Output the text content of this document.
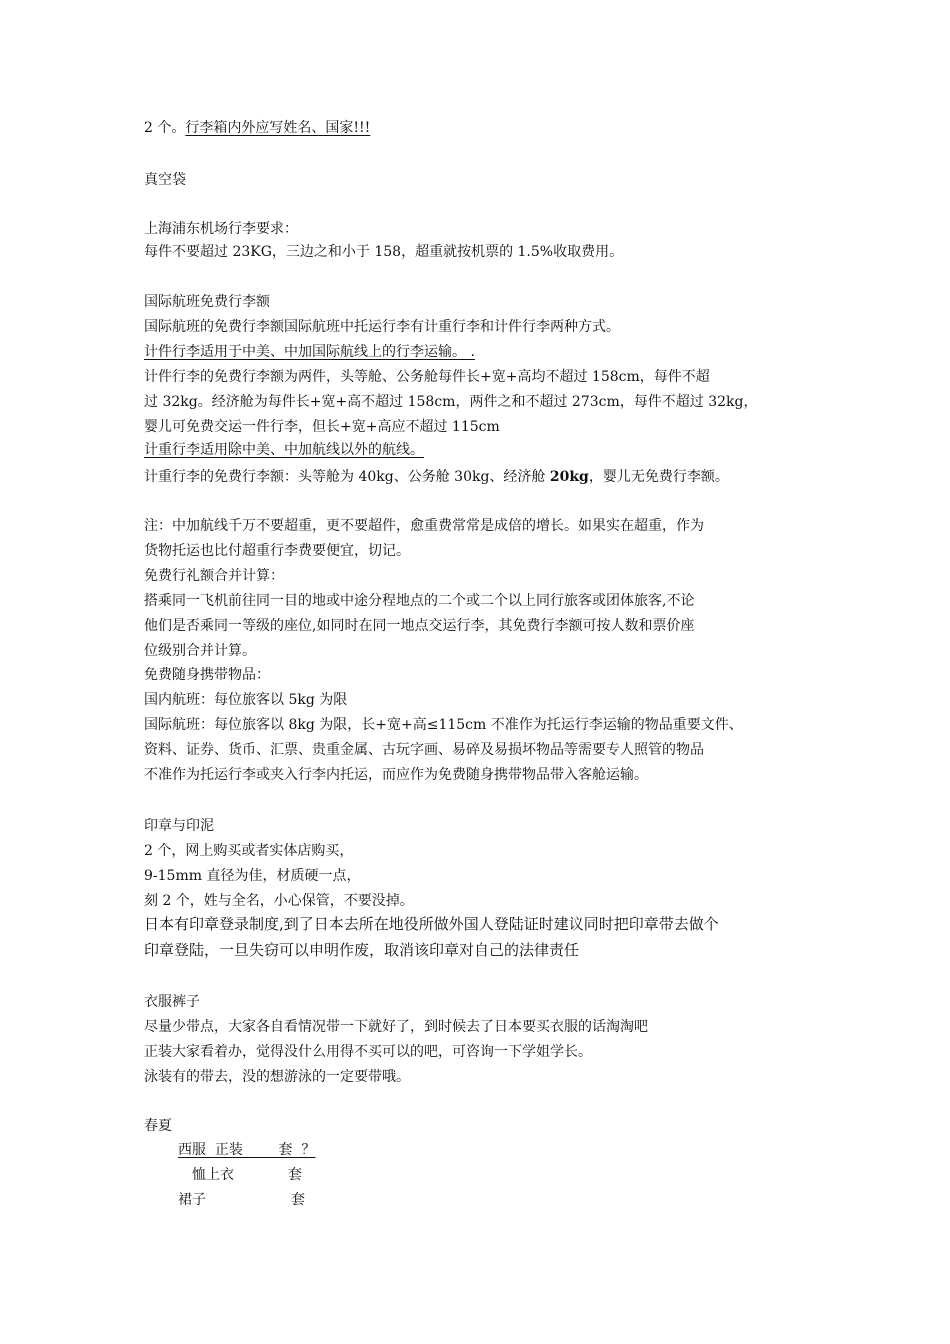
2 个。行李箱内外应写姓名、国家!!!
真空袋
上海浦东机场行李要求：
每件不要超过 23KG，三边之和小于 158，超重就按机票的 1.5%收取费用。
国际航班免费行李额
国际航班的免费行李额国际航班中托运行李有计重行李和计件行李两种方式。
计件行李适用于中美、中加国际航线上的行李运输。 .
计件行李的免费行李额为两件，头等舱、公务舱每件长+宽+高均不超过 158cm，每件不超
过 32kg。经济舱为每件长+宽+高不超过 158cm，两件之和不超过 273cm，每件不超过 32kg，
婴儿可免费交运一件行李，但长+宽+高应不超过 115cm
计重行李适用除中美、中加航线以外的航线。
计重行李的免费行李额：头等舱为 40kg、公务舱 30kg、经济舱 20kg，婴儿无免费行李额。
注：中加航线千万不要超重，更不要超件，愈重费常常是成倍的增长。如果实在超重，作为
货物托运也比付超重行李费要便宜，切记。
免费行礼额合并计算：
搭乘同一飞机前往同一目的地或中途分程地点的二个或二个以上同行旅客或团体旅客,不论
他们是否乘同一等级的座位,如同时在同一地点交运行李，其免费行李额可按人数和票价座
位级别合并计算。
免费随身携带物品：
国内航班：每位旅客以 5kg 为限
国际航班：每位旅客以 8kg 为限，长+宽+高≤115cm 不准作为托运行李运输的物品重要文件、
资料、证券、货币、汇票、贵重金属、古玩字画、易碎及易损坏物品等需要专人照管的物品
不准作为托运行李或夹入行李内托运，而应作为免费随身携带物品带入客舱运输。
印章与印泥
2 个，网上购买或者实体店购买，
9-15mm 直径为佳，材质硬一点，
刻 2 个，姓与全名，小心保管，不要没掉。
日本有印章登录制度,到了日本去所在地役所做外国人登陆证时建议同时把印章带去做个
印章登陆，一旦失窃可以申明作废，取消该印章对自己的法律责任
衣服裤子
尽量少带点，大家各自看情况带一下就好了，到时候去了日本要买衣服的话淘淘吧
正装大家看着办，觉得没什么用得不买可以的吧，可咨询一下学姐学长。
泳装有的带去，没的想游泳的一定要带哦。
春夏
西服  正装        套  ？
恤上衣	套
裙子	套
